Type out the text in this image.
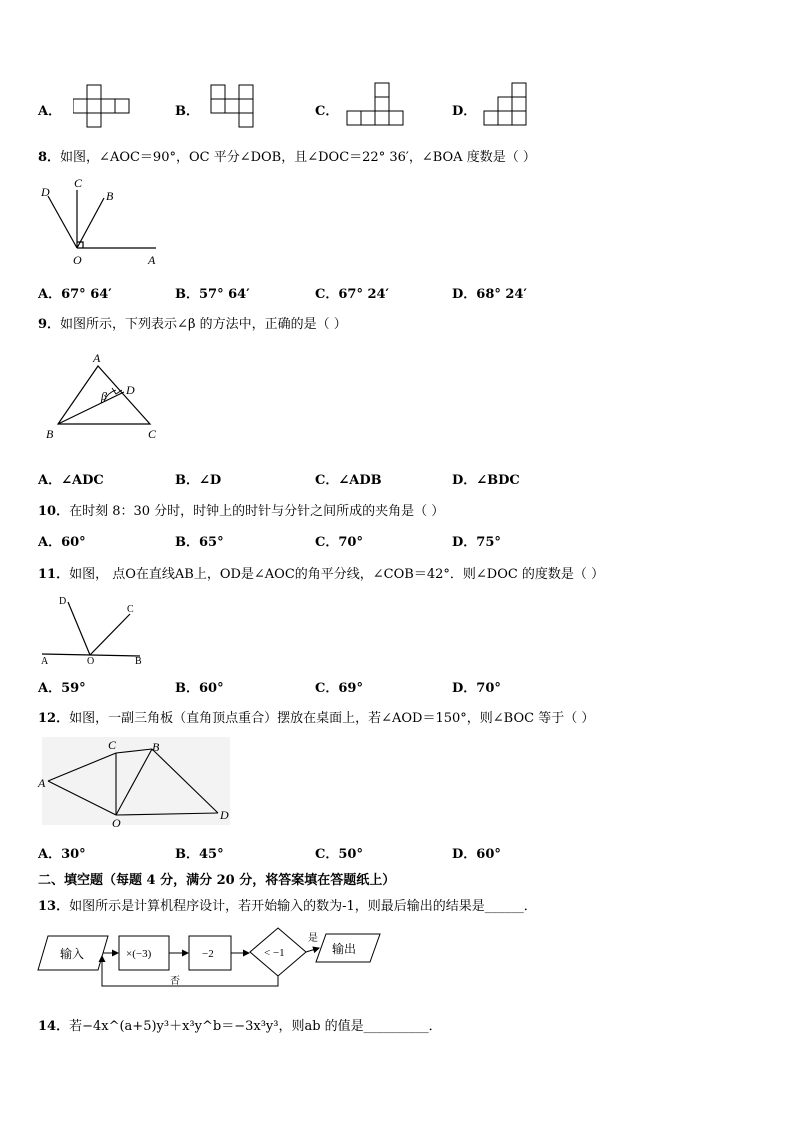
A．	B．	C．	D．
8．如图，∠AOC＝90°，OC 平分∠DOB，且∠DOC＝22° 36′，∠BOA 度数是（ ）
D
C
B
O	A
A．67° 64′	B．57° 64′	C．67° 24′	D．68° 24′
9．如图所示，下列表示∠β 的方法中，正确的是（ ）
A
D
β
B	C
A．∠ADC	B．∠D	C．∠ADB	D．∠BDC
10．在时刻 8：30 分时，时钟上的时针与分针之间所成的夹角是（ ）
A．60°	B．65°	C．70°	D．75°
11．如图， 点O在直线AB上，OD是∠AOC的角平分线，∠COB＝42°．则∠DOC 的度数是（ ）
D
C
A	O	B
A．59°	B．60°	C．69°	D．70°
12．如图，一副三角板（直角顶点重合）摆放在桌面上，若∠AOD＝150°，则∠BOC 等于（ ）
C	B
A
O
D
A．30°	B．45°	C．50°	D．60°
二、填空题（每题 4 分，满分 20 分，将答案填在答题纸上）
13．如图所示是计算机程序设计，若开始输入的数为-1，则最后输出的结果是______．
输入	×(−3)	−2	< −1
是
输出
否
14．若−4x^(a+5)y³＋x³y^b＝−3x³y³，则ab 的值是__________．
